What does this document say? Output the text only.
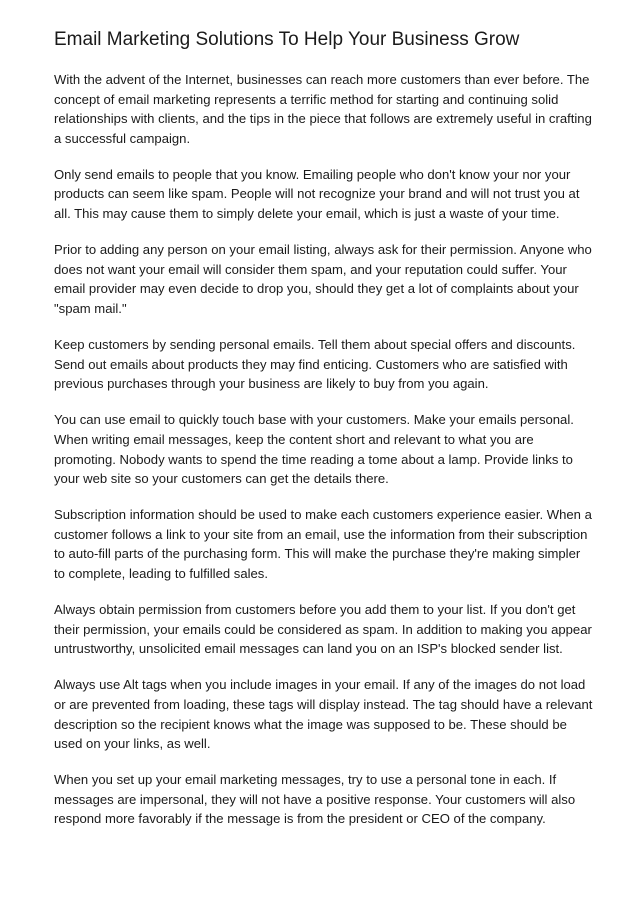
Email Marketing Solutions To Help Your Business Grow

With the advent of the Internet, businesses can reach more customers than ever before. The concept of email marketing represents a terrific method for starting and continuing solid relationships with clients, and the tips in the piece that follows are extremely useful in crafting a successful campaign.

Only send emails to people that you know. Emailing people who don't know your nor your products can seem like spam. People will not recognize your brand and will not trust you at all. This may cause them to simply delete your email, which is just a waste of your time.

Prior to adding any person on your email listing, always ask for their permission. Anyone who does not want your email will consider them spam, and your reputation could suffer. Your email provider may even decide to drop you, should they get a lot of complaints about your "spam mail."

Keep customers by sending personal emails. Tell them about special offers and discounts. Send out emails about products they may find enticing. Customers who are satisfied with previous purchases through your business are likely to buy from you again.

You can use email to quickly touch base with your customers. Make your emails personal. When writing email messages, keep the content short and relevant to what you are promoting. Nobody wants to spend the time reading a tome about a lamp. Provide links to your web site so your customers can get the details there.

Subscription information should be used to make each customers experience easier. When a customer follows a link to your site from an email, use the information from their subscription to auto-fill parts of the purchasing form. This will make the purchase they're making simpler to complete, leading to fulfilled sales.

Always obtain permission from customers before you add them to your list. If you don't get their permission, your emails could be considered as spam. In addition to making you appear untrustworthy, unsolicited email messages can land you on an ISP's blocked sender list.

Always use Alt tags when you include images in your email. If any of the images do not load or are prevented from loading, these tags will display instead. The tag should have a relevant description so the recipient knows what the image was supposed to be. These should be used on your links, as well.

When you set up your email marketing messages, try to use a personal tone in each. If messages are impersonal, they will not have a positive response. Your customers will also respond more favorably if the message is from the president or CEO of the company.
